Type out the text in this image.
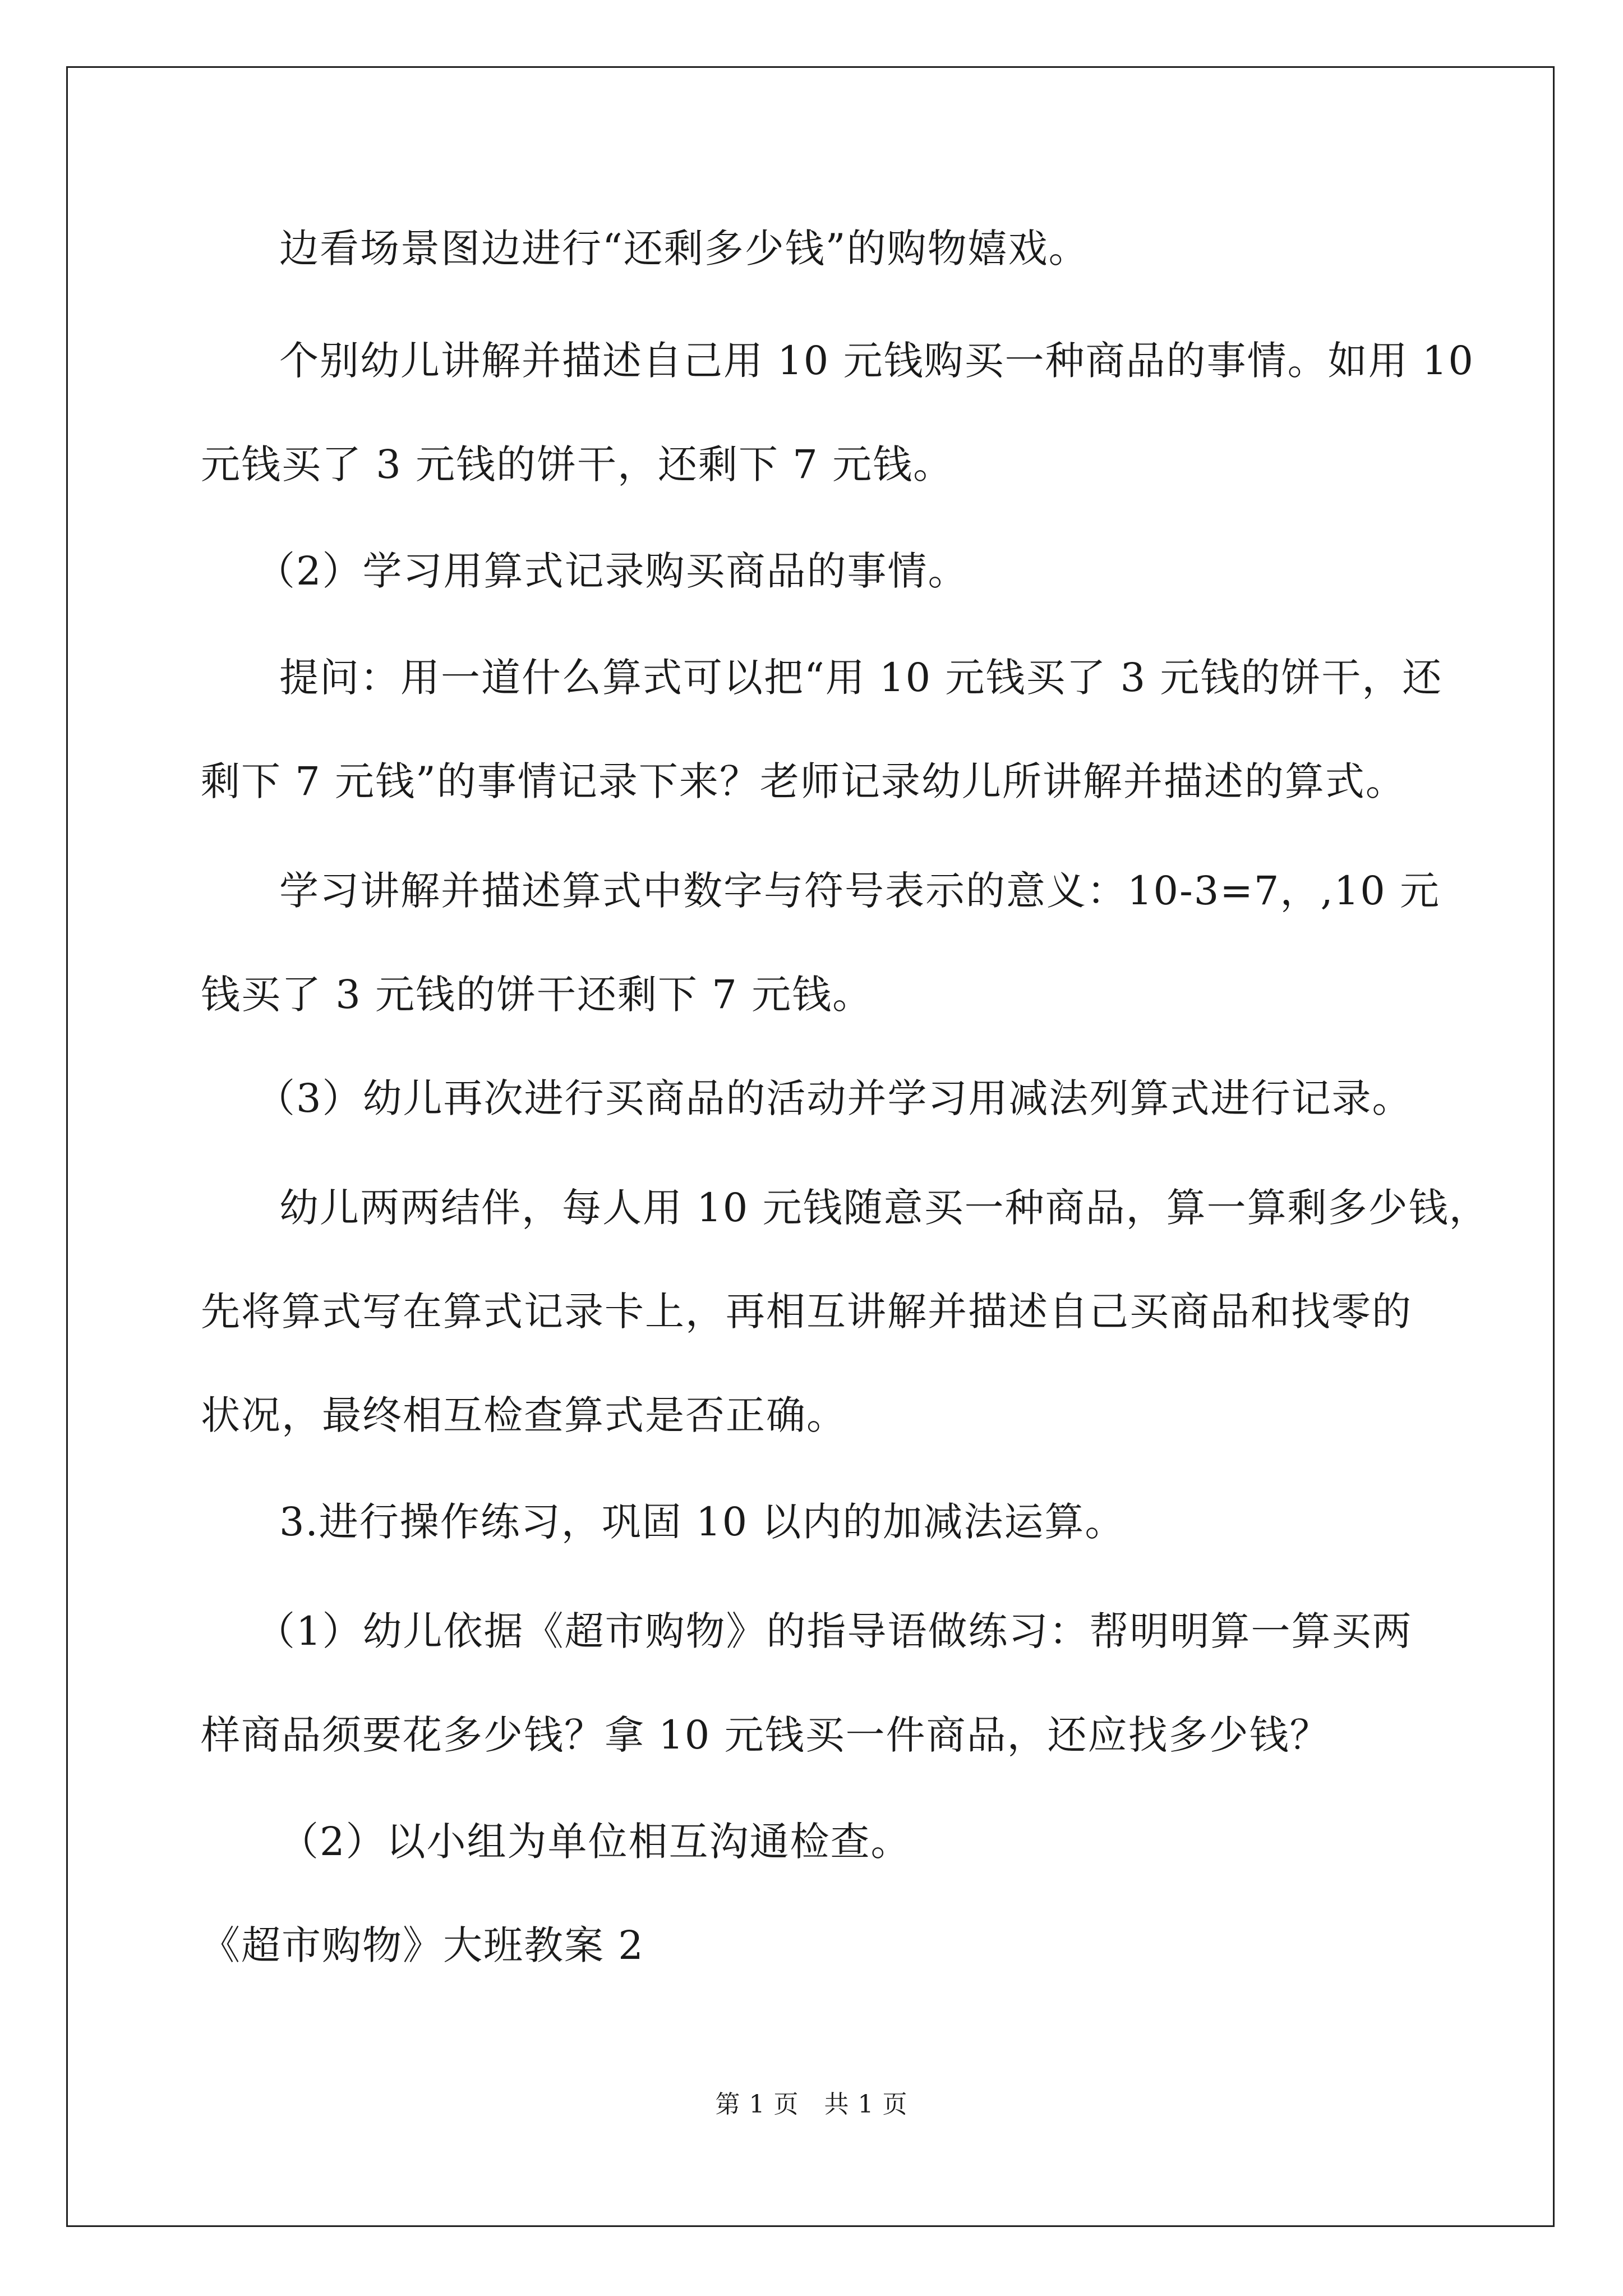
边看场景图边进行“还剩多少钱”的购物嬉戏。
个别幼儿讲解并描述自己用 10 元钱购买一种商品的事情。如用 10
元钱买了 3 元钱的饼干，还剩下 7 元钱。
（2）学习用算式记录购买商品的事情。
提问：用一道什么算式可以把“用 10 元钱买了 3 元钱的饼干，还
剩下 7 元钱”的事情记录下来？老师记录幼儿所讲解并描述的算式。
学习讲解并描述算式中数字与符号表示的意义：10-3=7，,10 元
钱买了 3 元钱的饼干还剩下 7 元钱。
（3）幼儿再次进行买商品的活动并学习用减法列算式进行记录。
幼儿两两结伴，每人用 10 元钱随意买一种商品，算一算剩多少钱，
先将算式写在算式记录卡上，再相互讲解并描述自己买商品和找零的
状况，最终相互检查算式是否正确。
3.进行操作练习，巩固 10 以内的加减法运算。
（1）幼儿依据《超市购物》的指导语做练习：帮明明算一算买两
样商品须要花多少钱？拿 10 元钱买一件商品，还应找多少钱？
（2）以小组为单位相互沟通检查。
《超市购物》大班教案 2
第 1 页　共 1 页
